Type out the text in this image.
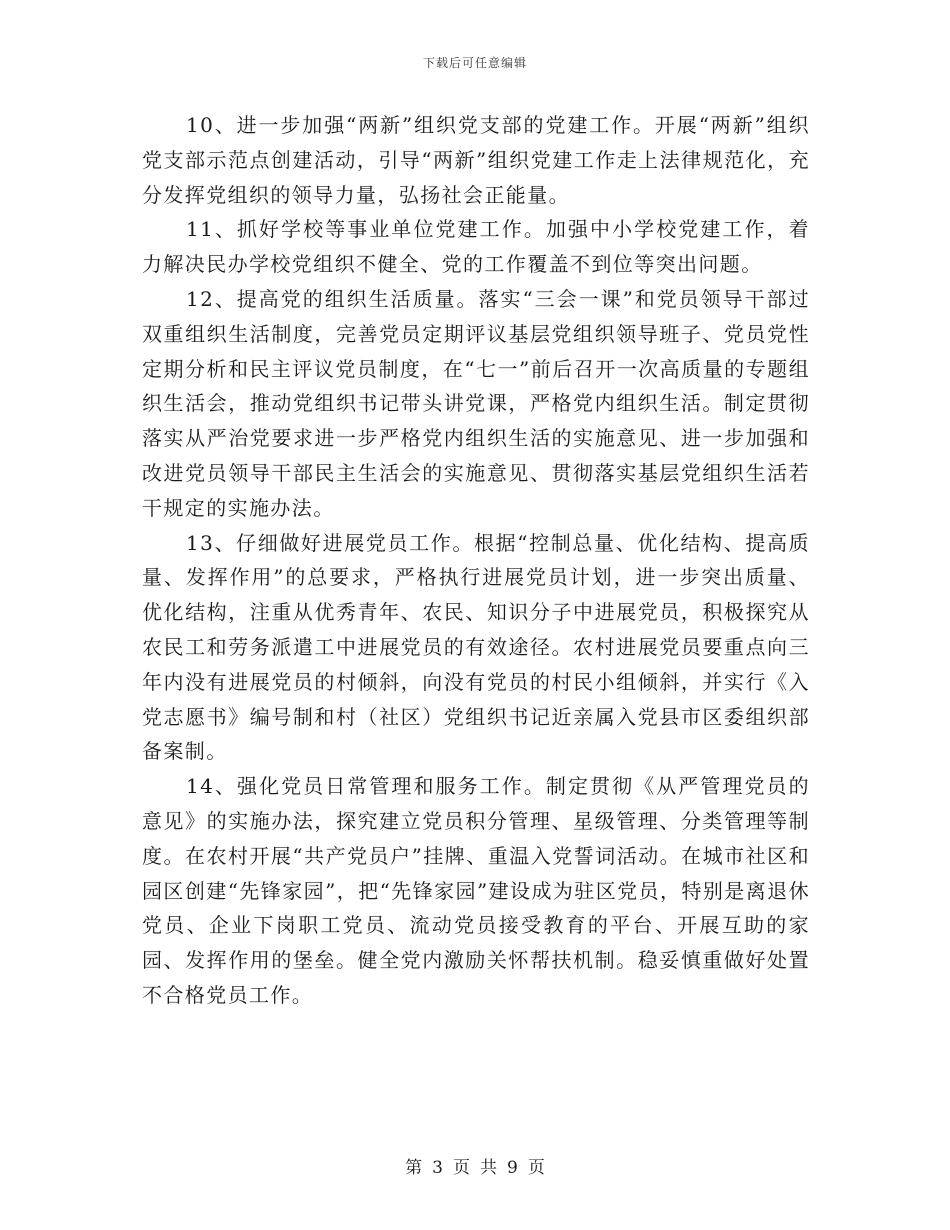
下载后可任意编辑

10、进一步加强“两新”组织党支部的党建工作。开展“两新”组织党支部示范点创建活动，引导“两新”组织党建工作走上法律规范化，充分发挥党组织的领导力量，弘扬社会正能量。

11、抓好学校等事业单位党建工作。加强中小学校党建工作，着力解决民办学校党组织不健全、党的工作覆盖不到位等突出问题。

12、提高党的组织生活质量。落实“三会一课”和党员领导干部过双重组织生活制度，完善党员定期评议基层党组织领导班子、党员党性定期分析和民主评议党员制度，在“七一”前后召开一次高质量的专题组织生活会，推动党组织书记带头讲党课，严格党内组织生活。制定贯彻落实从严治党要求进一步严格党内组织生活的实施意见、进一步加强和改进党员领导干部民主生活会的实施意见、贯彻落实基层党组织生活若干规定的实施办法。

13、仔细做好进展党员工作。根据“控制总量、优化结构、提高质量、发挥作用”的总要求，严格执行进展党员计划，进一步突出质量、优化结构，注重从优秀青年、农民、知识分子中进展党员，积极探究从农民工和劳务派遣工中进展党员的有效途径。农村进展党员要重点向三年内没有进展党员的村倾斜，向没有党员的村民小组倾斜，并实行《入党志愿书》编号制和村（社区）党组织书记近亲属入党县市区委组织部备案制。

14、强化党员日常管理和服务工作。制定贯彻《从严管理党员的意见》的实施办法，探究建立党员积分管理、星级管理、分类管理等制度。在农村开展“共产党员户”挂牌、重温入党誓词活动。在城市社区和园区创建“先锋家园”，把“先锋家园”建设成为驻区党员，特别是离退休党员、企业下岗职工党员、流动党员接受教育的平台、开展互助的家园、发挥作用的堡垒。健全党内激励关怀帮扶机制。稳妥慎重做好处置不合格党员工作。

第 3 页 共 9 页
